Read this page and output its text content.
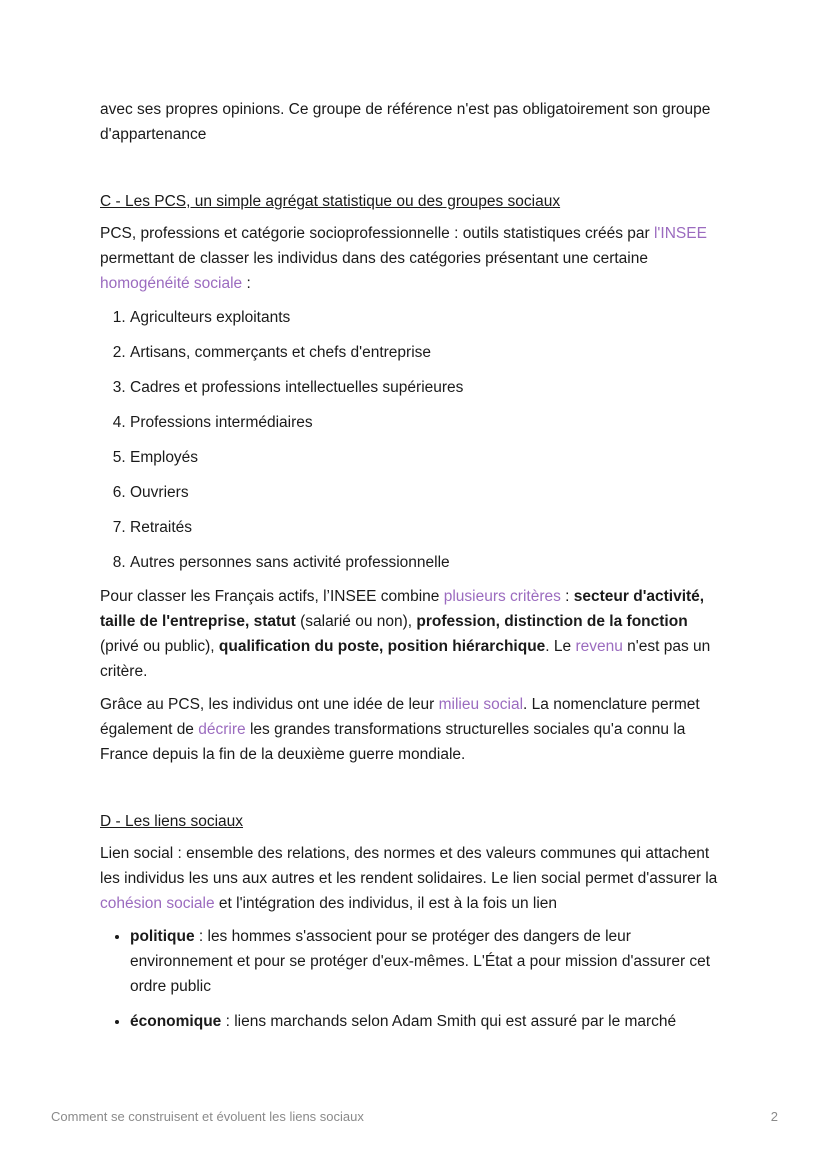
avec ses propres opinions. Ce groupe de référence n'est pas obligatoirement son groupe d'appartenance

C - Les PCS, un simple agrégat statistique ou des groupes sociaux

PCS, professions et catégorie socioprofessionnelle : outils statistiques créés par l'INSEE permettant de classer les individus dans des catégories présentant une certaine homogénéité sociale :

1. Agriculteurs exploitants
2. Artisans, commerçants et chefs d'entreprise
3. Cadres et professions intellectuelles supérieures
4. Professions intermédiaires
5. Employés
6. Ouvriers
7. Retraités
8. Autres personnes sans activité professionnelle

Pour classer les Français actifs, l’INSEE combine plusieurs critères : secteur d'activité, taille de l'entreprise, statut (salarié ou non), profession, distinction de la fonction (privé ou public), qualification du poste, position hiérarchique. Le revenu n'est pas un critère.

Grâce au PCS, les individus ont une idée de leur milieu social. La nomenclature permet également de décrire les grandes transformations structurelles sociales qu'a connu la France depuis la fin de la deuxième guerre mondiale.

D - Les liens sociaux

Lien social : ensemble des relations, des normes et des valeurs communes qui attachent les individus les uns aux autres et les rendent solidaires. Le lien social permet d'assurer la cohésion sociale et l'intégration des individus, il est à la fois un lien

• politique : les hommes s'associent pour se protéger des dangers de leur environnement et pour se protéger d'eux-mêmes. L'État a pour mission d'assurer cet ordre public
• économique : liens marchands selon Adam Smith qui est assuré par le marché
Comment se construisent et évoluent les liens sociaux	2
